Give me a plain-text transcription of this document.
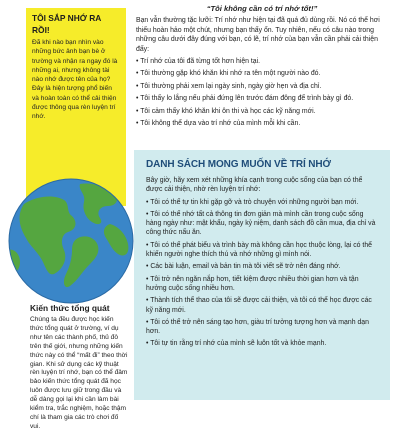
TÔI SẮP NHỚ RA RỒI!
Đã khi nào bạn nhìn vào những bức ảnh bạn bè ở trường và nhận ra ngay đó là những ai, nhưng không tài nào nhớ được tên của họ? Đây là hiện tượng phổ biến và hoàn toàn có thể cải thiện được thông qua rèn luyện trí nhớ.

“Tôi không cần có trí nhớ tốt!”

Bạn vẫn thường tặc lưỡi: Trí nhớ như hiện tại đã quá đủ dùng rồi. Nó có thể hơi thiếu hoàn hảo một chút, nhưng bạn thấy ổn. Tuy nhiên, nếu có câu nào trong những câu dưới đây đúng với bạn, có lẽ, trí nhớ của bạn vẫn cần phải cải thiện đấy:

• Trí nhớ của tôi đã từng tốt hơn hiện tại.
• Tôi thường gặp khó khăn khi nhớ ra tên một người nào đó.
• Tôi thường phải xem lại ngày sinh, ngày giờ hẹn và địa chỉ.
• Tôi thấy lo lắng nếu phải đứng lên trước đám đông để trình bày gì đó.
• Tôi cảm thấy khó khăn khi ôn thi và học các kỹ năng mới.
• Tôi không thể dựa vào trí nhớ của mình mỗi khi cần.
DANH SÁCH MONG MUỐN VỀ TRÍ NHỚ

Bây giờ, hãy xem xét những khía cạnh trong cuộc sống của bạn có thể được cải thiện, nhờ rèn luyện trí nhớ:

• Tôi có thể tự tin khi gặp gỡ và trò chuyện với những người bạn mới.
• Tôi có thể nhớ tất cả thông tin đơn giản mà mình cần trong cuộc sống hàng ngày như: mật khẩu, ngày kỷ niệm, danh sách đồ cần mua, địa chỉ và công thức nấu ăn.
• Tôi có thể phát biểu và trình bày mà không cần học thuộc lòng, lại có thể khiến người nghe thích thú và nhớ những gì mình nói.
• Các bài luận, email và bản tin mà tôi viết sẽ trở nên đáng nhớ.
• Tôi trở nên ngăn nắp hơn, tiết kiệm được nhiều thời gian hơn và tận hưởng cuộc sống nhiều hơn.
• Thành tích thể thao của tôi sẽ được cải thiện, và tôi có thể học được các kỹ năng mới.
• Tôi có thể trở nên sáng tạo hơn, giàu trí tưởng tượng hơn và mạnh dạn hơn.
• Tôi tự tin rằng trí nhớ của mình sẽ luôn tốt và khỏe mạnh.
Kiến thức tổng quát
Chúng ta đều được học kiến thức tổng quát ở trường, ví dụ như tên các thành phố, thủ đô trên thế giới, nhưng những kiến thức này có thể “mất đi” theo thời gian. Khi sử dụng các kỹ thuật rèn luyện trí nhớ, bạn có thể đảm bảo kiến thức tổng quát đã học luôn được lưu giữ trong đầu và dễ dàng gọi lại khi cần làm bài kiểm tra, trắc nghiệm, hoặc thậm chí là tham gia các trò chơi đố vui.
